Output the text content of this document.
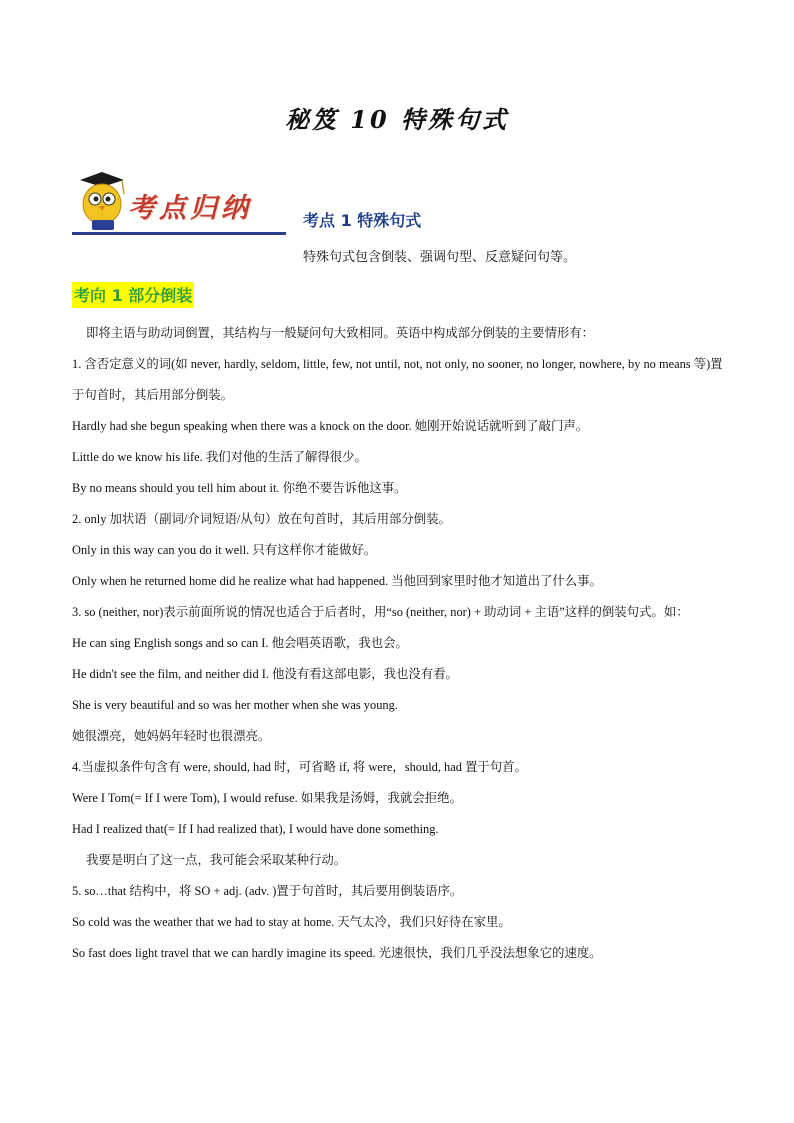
秘笈 10 特殊句式
考点归纳	考点 1 特殊句式
特殊句式包含倒装、强调句型、反意疑问句等。
考向 1 部分倒装

即将主语与助动词倒置，其结构与一般疑问句大致相同。英语中构成部分倒装的主要情形有：

1. 含否定意义的词(如 never, hardly, seldom, little, few, not until, not, not only, no sooner, no longer, nowhere, by no means 等)置于句首时，其后用部分倒装。

Hardly had she begun speaking when there was a knock on the door. 她刚开始说话就听到了敲门声。

Little do we know his life. 我们对他的生活了解得很少。

By no means should you tell him about it. 你绝不要告诉他这事。

2. only 加状语（副词/介词短语/从句）放在句首时，其后用部分倒装。

Only in this way can you do it well. 只有这样你才能做好。

Only when he returned home did he realize what had happened. 当他回到家里时他才知道出了什么事。

3. so (neither, nor)表示前面所说的情况也适合于后者时，用“so (neither, nor) + 助动词 + 主语”这样的倒装句式。如：

He can sing English songs and so can I. 他会唱英语歌，我也会。

He didn't see the film, and neither did I. 他没有看这部电影，我也没有看。

She is very beautiful and so was her mother when she was young.

她很漂亮，她妈妈年轻时也很漂亮。

4.当虚拟条件句含有 were, should, had 时，可省略 if, 将 were，should, had 置于句首。

Were I Tom(= If I were Tom), I would refuse. 如果我是汤姆，我就会拒绝。

Had I realized that(= If I had realized that), I would have done something.

我要是明白了这一点，我可能会采取某种行动。

5. so…that 结构中，将 SO + adj. (adv. )置于句首时，其后要用倒装语序。

So cold was the weather that we had to stay at home. 天气太冷，我们只好待在家里。

So fast does light travel that we can hardly imagine its speed. 光速很快，我们几乎没法想象它的速度。
